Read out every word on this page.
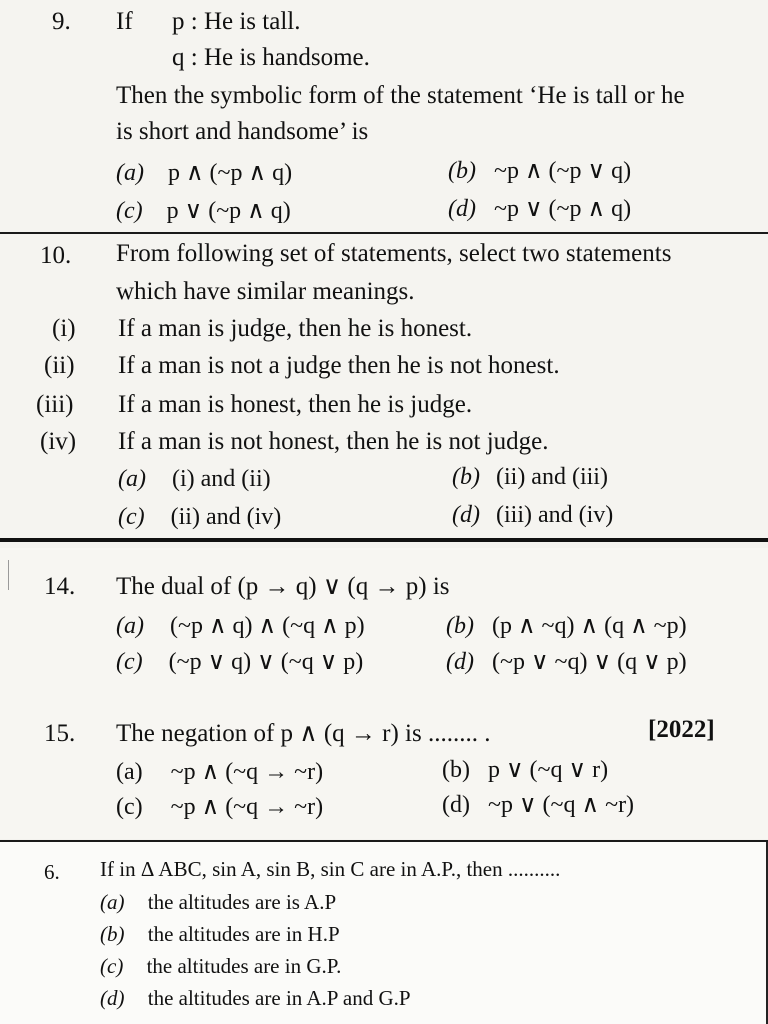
9. If p : He is tall.
q : He is handsome.
Then the symbolic form of the statement ‘He is tall or he
is short and handsome’ is
(a) p ∧ (~p ∧ q)	(b) ~p ∧ (~p ∨ q)
(c) p ∨ (~p ∧ q)	(d) ~p ∨ (~p ∧ q)
10. From following set of statements, select two statements
which have similar meanings.
(i) If a man is judge, then he is honest.
(ii) If a man is not a judge then he is not honest.
(iii) If a man is honest, then he is judge.
(iv) If a man is not honest, then he is not judge.
(a) (i) and (ii)	(b) (ii) and (iii)
(c) (ii) and (iv)	(d) (iii) and (iv)
14. The dual of (p → q) ∨ (q → p) is
(a) (~p ∧ q) ∧ (~q ∧ p)	(b) (p ∧ ~q) ∧ (q ∧ ~p)
(c) (~p ∨ q) ∨ (~q ∨ p)	(d) (~p ∨ ~q) ∨ (q ∨ p)
15. The negation of p ∧ (q → r) is ........ .	[2022]
(a) ~p ∧ (~q → ~r)	(b) p ∨ (~q ∨ r)
(c) ~p ∧ (~q → ~r)	(d) ~p ∨ (~q ∧ ~r)
6. If in Δ ABC, sin A, sin B, sin C are in A.P., then ..........
(a) the altitudes are is A.P
(b) the altitudes are in H.P
(c) the altitudes are in G.P.
(d) the altitudes are in A.P and G.P
